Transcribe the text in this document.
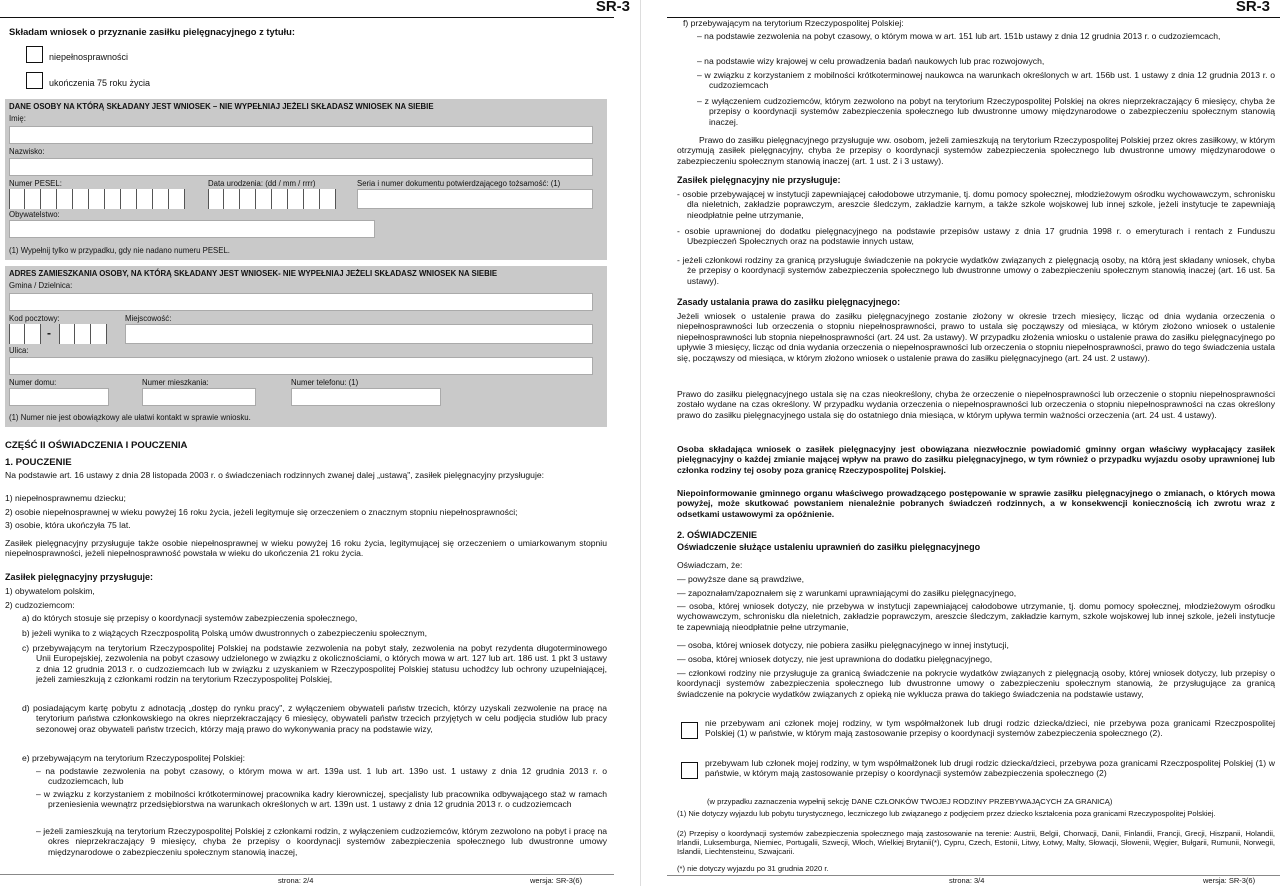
SR-3
Składam wniosek o przyznanie zasiłku pielęgnacyjnego z tytułu:
niepełnosprawności
ukończenia 75 roku życia
DANE OSOBY NA KTÓRĄ SKŁADANY JEST WNIOSEK – NIE WYPEŁNIAJ JEŻELI SKŁADASZ WNIOSEK NA SIEBIE
Imię:
Nazwisko:
Numer PESEL:	Data urodzenia: (dd / mm / rrrr)	Seria i numer dokumentu potwierdzającego tożsamość: (1)
Obywatelstwo:
(1) Wypełnij tylko w przypadku, gdy nie nadano numeru PESEL.
ADRES ZAMIESZKANIA OSOBY, NA KTÓRĄ SKŁADANY JEST WNIOSEK- NIE WYPEŁNIAJ JEŻELI SKŁADASZ WNIOSEK NA SIEBIE
Gmina / Dzielnica:
Kod pocztowy:
-
Miejscowość:
Ulica:
Numer domu:	Numer mieszkania:	Numer telefonu: (1)
(1) Numer nie jest obowiązkowy ale ułatwi kontakt w sprawie wniosku.
CZĘŚĆ II OŚWIADCZENIA I POUCZENIA
1. POUCZENIE
Na podstawie art. 16 ustawy z dnia 28 listopada 2003 r. o świadczeniach rodzinnych zwanej dalej „ustawą", zasiłek pielęgnacyjny przysługuje:
1) niepełnosprawnemu dziecku;
2) osobie niepełnosprawnej w wieku powyżej 16 roku życia, jeżeli legitymuje się orzeczeniem o znacznym stopniu niepełnosprawności;
3) osobie, która ukończyła 75 lat.
Zasiłek pielęgnacyjny przysługuje także osobie niepełnosprawnej w wieku powyżej 16 roku życia, legitymującej się orzeczeniem o umiarkowanym stopniu niepełnosprawności, jeżeli niepełnosprawność powstała w wieku do ukończenia 21 roku życia.
Zasiłek pielęgnacyjny przysługuje:
1) obywatelom polskim,
2) cudzoziemcom:
a) do których stosuje się przepisy o koordynacji systemów zabezpieczenia społecznego,
b) jeżeli wynika to z wiążących Rzeczpospolitą Polską umów dwustronnych o zabezpieczeniu społecznym,
c) przebywającym na terytorium Rzeczypospolitej Polskiej na podstawie zezwolenia na pobyt stały, zezwolenia na pobyt rezydenta długoterminowego Unii Europejskiej, zezwolenia na pobyt czasowy udzielonego w związku z okolicznościami, o których mowa w art. 127 lub art. 186 ust. 1 pkt 3 ustawy z dnia 12 grudnia 2013 r. o cudzoziemcach lub w związku z uzyskaniem w Rzeczypospolitej Polskiej statusu uchodźcy lub ochrony uzupełniającej, jeżeli zamieszkują z członkami rodzin na terytorium Rzeczypospolitej Polskiej,
d) posiadającym kartę pobytu z adnotacją „dostęp do rynku pracy", z wyłączeniem obywateli państw trzecich, którzy uzyskali zezwolenie na pracę na terytorium państwa członkowskiego na okres nieprzekraczający 6 miesięcy, obywateli państw trzecich przyjętych w celu podjęcia studiów lub pracy sezonowej oraz obywateli państw trzecich, którzy mają prawo do wykonywania pracy na podstawie wizy,
e) przebywającym na terytorium Rzeczypospolitej Polskiej:
– na podstawie zezwolenia na pobyt czasowy, o którym mowa w art. 139a ust. 1 lub art. 139o ust. 1 ustawy z dnia 12 grudnia 2013 r. o cudzoziemcach, lub
– w związku z korzystaniem z mobilności krótkoterminowej pracownika kadry kierowniczej, specjalisty lub pracownika odbywającego staż w ramach przeniesienia wewnątrz przedsiębiorstwa na warunkach określonych w art. 139n ust. 1 ustawy z dnia 12 grudnia 2013 r. o cudzoziemcach
– jeżeli zamieszkują na terytorium Rzeczypospolitej Polskiej z członkami rodzin, z wyłączeniem cudzoziemców, którym zezwolono na pobyt i pracę na okres nieprzekraczający 9 miesięcy, chyba że przepisy o koordynacji systemów zabezpieczenia społecznego lub dwustronne umowy międzynarodowe o zabezpieczeniu społecznym stanowią inaczej,
strona: 2/4	wersja: SR-3(6)
SR-3
f) przebywającym na terytorium Rzeczypospolitej Polskiej:
– na podstawie zezwolenia na pobyt czasowy, o którym mowa w art. 151 lub art. 151b ustawy z dnia 12 grudnia 2013 r. o cudzoziemcach,
– na podstawie wizy krajowej w celu prowadzenia badań naukowych lub prac rozwojowych,
– w związku z korzystaniem z mobilności krótkoterminowej naukowca na warunkach określonych w art. 156b ust. 1 ustawy z dnia 12 grudnia 2013 r. o cudzoziemcach
– z wyłączeniem cudzoziemców, którym zezwolono na pobyt na terytorium Rzeczypospolitej Polskiej na okres nieprzekraczający 6 miesięcy, chyba że przepisy o koordynacji systemów zabezpieczenia społecznego lub dwustronne umowy międzynarodowe o zabezpieczeniu społecznym stanowią inaczej.
Prawo do zasiłku pielęgnacyjnego przysługuje ww. osobom, jeżeli zamieszkują na terytorium Rzeczypospolitej Polskiej przez okres zasiłkowy, w którym otrzymują zasiłek pielęgnacyjny, chyba że przepisy o koordynacji systemów zabezpieczenia społecznego lub dwustronne umowy międzynarodowe o zabezpieczeniu społecznym stanowią inaczej (art. 1 ust. 2 i 3 ustawy).
Zasiłek pielęgnacyjny nie przysługuje:
- osobie przebywającej w instytucji zapewniającej całodobowe utrzymanie, tj. domu pomocy społecznej, młodzieżowym ośrodku wychowawczym, schronisku dla nieletnich, zakładzie poprawczym, areszcie śledczym, zakładzie karnym, a także szkole wojskowej lub innej szkole, jeżeli instytucje te zapewniają nieodpłatnie pełne utrzymanie,
- osobie uprawnionej do dodatku pielęgnacyjnego na podstawie przepisów ustawy z dnia 17 grudnia 1998 r. o emeryturach i rentach z Funduszu Ubezpieczeń Społecznych oraz na podstawie innych ustaw,
- jeżeli członkowi rodziny za granicą przysługuje świadczenie na pokrycie wydatków związanych z pielęgnacją osoby, na którą jest składany wniosek, chyba że przepisy o koordynacji systemów zabezpieczenia społecznego lub dwustronne umowy o zabezpieczeniu społecznym stanowią inaczej (art. 16 ust. 5a ustawy).
Zasady ustalania prawa do zasiłku pielęgnacyjnego:
Jeżeli wniosek o ustalenie prawa do zasiłku pielęgnacyjnego zostanie złożony w okresie trzech miesięcy, licząc od dnia wydania orzeczenia o niepełnosprawności lub orzeczenia o stopniu niepełnosprawności, prawo to ustala się począwszy od miesiąca, w którym złożono wniosek o ustalenie niepełnosprawności lub stopnia niepełnosprawności (art. 24 ust. 2a ustawy). W przypadku złożenia wniosku o ustalenie prawa do zasiłku pielęgnacyjnego po upływie 3 miesięcy, licząc od dnia wydania orzeczenia o niepełnosprawności lub orzeczenia o stopniu niepełnosprawności, prawo do tego świadczenia ustala się, począwszy od miesiąca, w którym złożono wniosek o ustalenie prawa do zasiłku pielęgnacyjnego (art. 24 ust. 2 ustawy).
Prawo do zasiłku pielęgnacyjnego ustala się na czas nieokreślony, chyba że orzeczenie o niepełnosprawności lub orzeczenie o stopniu niepełnosprawności zostało wydane na czas określony. W przypadku wydania orzeczenia o niepełnosprawności lub orzeczenia o stopniu niepełnosprawności na czas określony prawo do zasiłku pielęgnacyjnego ustala się do ostatniego dnia miesiąca, w którym upływa termin ważności orzeczenia (art. 24 ust. 4 ustawy).
Osoba składająca wniosek o zasiłek pielęgnacyjny jest obowiązana niezwłocznie powiadomić gminny organ właściwy wypłacający zasiłek pielęgnacyjny o każdej zmianie mającej wpływ na prawo do zasiłku pielęgnacyjnego, w tym również o przypadku wyjazdu osoby uprawnionej lub członka rodziny tej osoby poza granicę Rzeczypospolitej Polskiej.
Niepoinformowanie gminnego organu właściwego prowadzącego postępowanie w sprawie zasiłku pielęgnacyjnego o zmianach, o których mowa powyżej, może skutkować powstaniem nienależnie pobranych świadczeń rodzinnych, a w konsekwencji koniecznością ich zwrotu wraz z odsetkami ustawowymi za opóźnienie.
2. OŚWIADCZENIE
Oświadczenie służące ustaleniu uprawnień do zasiłku pielęgnacyjnego
Oświadczam, że:
— powyższe dane są prawdziwe,
— zapoznałam/zapoznałem się z warunkami uprawniającymi do zasiłku pielęgnacyjnego,
— osoba, której wniosek dotyczy, nie przebywa w instytucji zapewniającej całodobowe utrzymanie, tj. domu pomocy społecznej, młodzieżowym ośrodku wychowawczym, schronisku dla nieletnich, zakładzie poprawczym, areszcie śledczym, zakładzie karnym, szkole wojskowej lub innej szkole, jeżeli instytucje te zapewniają nieodpłatnie pełne utrzymanie,
— osoba, której wniosek dotyczy, nie pobiera zasiłku pielęgnacyjnego w innej instytucji,
— osoba, której wniosek dotyczy, nie jest uprawniona do dodatku pielęgnacyjnego,
— członkowi rodziny nie przysługuje za granicą świadczenie na pokrycie wydatków związanych z pielęgnacją osoby, której wniosek dotyczy, lub przepisy o koordynacji systemów zabezpieczenia społecznego lub dwustronne umowy o zabezpieczeniu społecznym stanowią, że przysługujące za granicą świadczenie na pokrycie wydatków związanych z opieką nie wyklucza prawa do takiego świadczenia na podstawie ustawy,
nie przebywam ani członek mojej rodziny, w tym współmałżonek lub drugi rodzic dziecka/dzieci, nie przebywa poza granicami Rzeczpospolitej Polskiej (1) w państwie, w którym mają zastosowanie przepisy o koordynacji systemów zabezpieczenia społecznego (2).
przebywam lub członek mojej rodziny, w tym współmałżonek lub drugi rodzic dziecka/dzieci, przebywa poza granicami Rzeczpospolitej Polskiej (1) w państwie, w którym mają zastosowanie przepisy o koordynacji systemów zabezpieczenia społecznego (2)
(w przypadku zaznaczenia wypełnij sekcję DANE CZŁONKÓW TWOJEJ RODZINY PRZEBYWAJĄCYCH ZA GRANICĄ)
(1) Nie dotyczy wyjazdu lub pobytu turystycznego, leczniczego lub związanego z podjęciem przez dziecko kształcenia poza granicami Rzeczypospolitej Polskiej.
(2) Przepisy o koordynacji systemów zabezpieczenia społecznego mają zastosowanie na terenie: Austrii, Belgii, Chorwacji, Danii, Finlandii, Francji, Grecji, Hiszpanii, Holandii, Irlandii, Luksemburga, Niemiec, Portugalii, Szwecji, Włoch, Wielkiej Brytanii(*), Cypru, Czech, Estonii, Litwy, Łotwy, Malty, Słowacji, Słowenii, Węgier, Bułgarii, Rumunii, Norwegii, Islandii, Liechtensteinu, Szwajcarii.
(*) nie dotyczy wyjazdu po 31 grudnia 2020 r.
strona: 3/4	wersja: SR-3(6)
